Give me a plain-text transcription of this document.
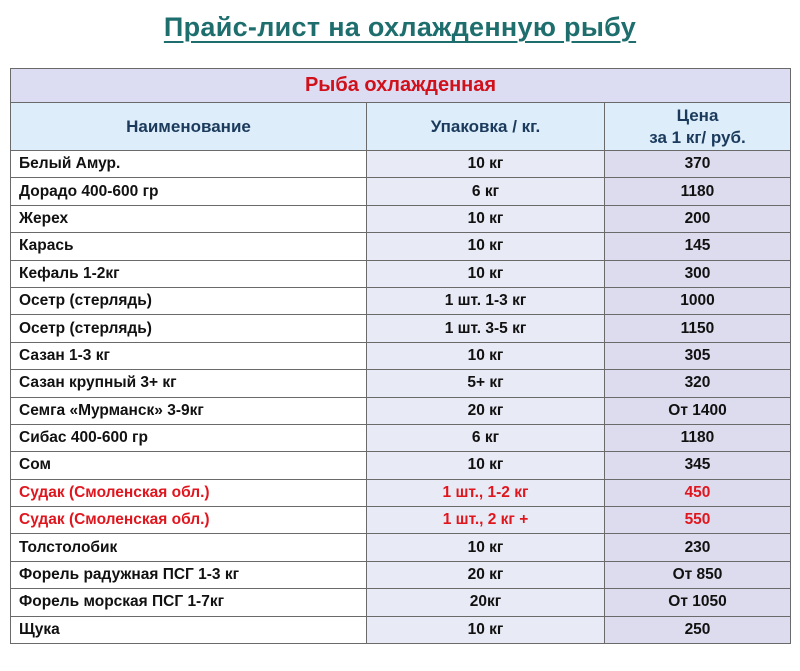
Прайс-лист на охлажденную рыбу
Рыба охлажденная		
Наименование	Упаковка / кг.	Цена
за 1 кг/ руб.

Белый Амур.	10 кг	370
Дорадо 400-600 гр	6 кг	1180
Жерех	10 кг	200
Карась	10 кг	145
Кефаль 1-2кг	10 кг	300
Осетр (стерлядь)	1 шт. 1-3 кг	1000
Осетр (стерлядь)	1 шт. 3-5 кг	1150
Сазан 1-3 кг	10 кг	305
Сазан крупный 3+ кг	5+ кг	320
Семга «Мурманск» 3-9кг	20 кг	От 1400
Сибас 400-600 гр	6 кг	1180
Сом	10 кг	345
Судак (Смоленская обл.)	1 шт., 1-2 кг	450
Судак (Смоленская обл.)	1 шт., 2 кг +	550
Толстолобик	10 кг	230
Форель радужная ПСГ 1-3 кг	20 кг	От 850
Форель морская ПСГ 1-7кг	20кг	От 1050
Щука	10 кг	250
